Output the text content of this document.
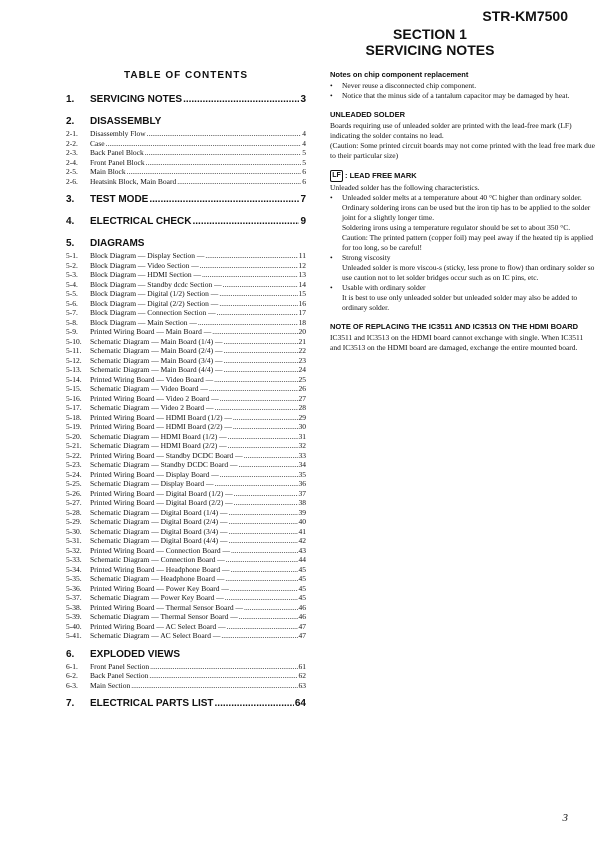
STR-KM7500
SECTION 1
SERVICING NOTES
TABLE OF CONTENTS
1.	SERVICING NOTES .....	3
2.	DISASSEMBLY
2-1.	Disassembly Flow .....	4
2-2.	Case .....	4
2-3.	Back Panel Block .....	5
2-4.	Front Panel Block .....	5
2-5.	Main Block .....	6
2-6.	Heatsink Block, Main Board .....	6
3.	TEST MODE .....	7
4.	ELECTRICAL CHECK .....	9
5.	DIAGRAMS
5-1.	Block Diagram — Display Section — .....	11
5-2.	Block Diagram — Video Section — .....	12
5-3.	Block Diagram — HDMI Section — .....	13
5-4.	Block Diagram — Standby dcdc Section — .....	14
5-5.	Block Diagram — Digital (1/2) Section — .....	15
5-6.	Block Diagram — Digital (2/2) Section — .....	16
5-7.	Block Diagram — Connection Section — .....	17
5-8.	Block Diagram — Main Section — .....	18
5-9.	Printed Wiring Board — Main Board — .....	20
5-10.	Schematic Diagram — Main Board (1/4) — .....	21
5-11.	Schematic Diagram — Main Board (2/4) — .....	22
5-12.	Schematic Diagram — Main Board (3/4) — .....	23
5-13.	Schematic Diagram — Main Board (4/4) — .....	24
5-14.	Printed Wiring Board — Video Board — .....	25
5-15.	Schematic Diagram — Video Board — .....	26
5-16.	Printed Wiring Board — Video 2 Board — .....	27
5-17.	Schematic Diagram — Video 2 Board — .....	28
5-18.	Printed Wiring Board — HDMI Board (1/2) — .....	29
5-19.	Printed Wiring Board — HDMI Board (2/2) — .....	30
5-20.	Schematic Diagram — HDMI Board (1/2) — .....	31
5-21.	Schematic Diagram — HDMI Board (2/2) — .....	32
5-22.	Printed Wiring Board — Standby DCDC Board — .....	33
5-23.	Schematic Diagram — Standby DCDC Board — .....	34
5-24.	Printed Wiring Board — Display Board — .....	35
5-25.	Schematic Diagram — Display Board — .....	36
5-26.	Printed Wiring Board — Digital Board (1/2) — .....	37
5-27.	Printed Wiring Board — Digital Board (2/2) — .....	38
5-28.	Schematic Diagram — Digital Board (1/4) — .....	39
5-29.	Schematic Diagram — Digital Board (2/4) — .....	40
5-30.	Schematic Diagram — Digital Board (3/4) — .....	41
5-31.	Schematic Diagram — Digital Board (4/4) — .....	42
5-32.	Printed Wiring Board — Connection Board — .....	43
5-33.	Schematic Diagram — Connection Board — .....	44
5-34.	Printed Wiring Board — Headphone Board — .....	45
5-35.	Schematic Diagram — Headphone Board — .....	45
5-36.	Printed Wiring Board — Power Key Board — .....	45
5-37.	Schematic Diagram — Power Key Board — .....	45
5-38.	Printed Wiring Board — Thermal Sensor Board — .....	46
5-39.	Schematic Diagram — Thermal Sensor Board — .....	46
5-40.	Printed Wiring Board — AC Select Board — .....	47
5-41.	Schematic Diagram — AC Select Board — .....	47
6.	EXPLODED VIEWS
6-1.	Front Panel Section .....	61
6-2.	Back Panel Section .....	62
6-3.	Main Section .....	63
7.	ELECTRICAL PARTS LIST .....	64
Notes on chip component replacement
•	Never reuse a disconnected chip component.
•	Notice that the minus side of a tantalum capacitor may be damaged by heat.
UNLEADED SOLDER

Boards requiring use of unleaded solder are printed with the lead-free mark (LF) indicating the solder contains no lead.

(Caution: Some printed circuit boards may not come printed with the lead free mark due to their particular size)

LF : LEAD FREE MARK

Unleaded solder has the following characteristics.

•	Unleaded solder melts at a temperature about 40 °C higher than ordinary solder.

Ordinary soldering irons can be used but the iron tip has to be applied to the solder joint for a slightly longer time.

Soldering irons using a temperature regulator should be set to about 350 °C.

Caution: The printed pattern (copper foil) may peel away if the heated tip is applied for too long, so be careful!

•	Strong viscosity

Unleaded solder is more viscou-s (sticky, less prone to flow) than ordinary solder so use caution not to let solder bridges occur such as on IC pins, etc.

•	Usable with ordinary solder

It is best to use only unleaded solder but unleaded solder may also be added to ordinary solder.

NOTE OF REPLACING THE IC3511 AND IC3513 ON THE HDMI BOARD

IC3511 and IC3513 on the HDMI board cannot exchange with single. When IC3511 and IC3513 on the HDMI board are damaged, exchange the entire mounted board.

3
